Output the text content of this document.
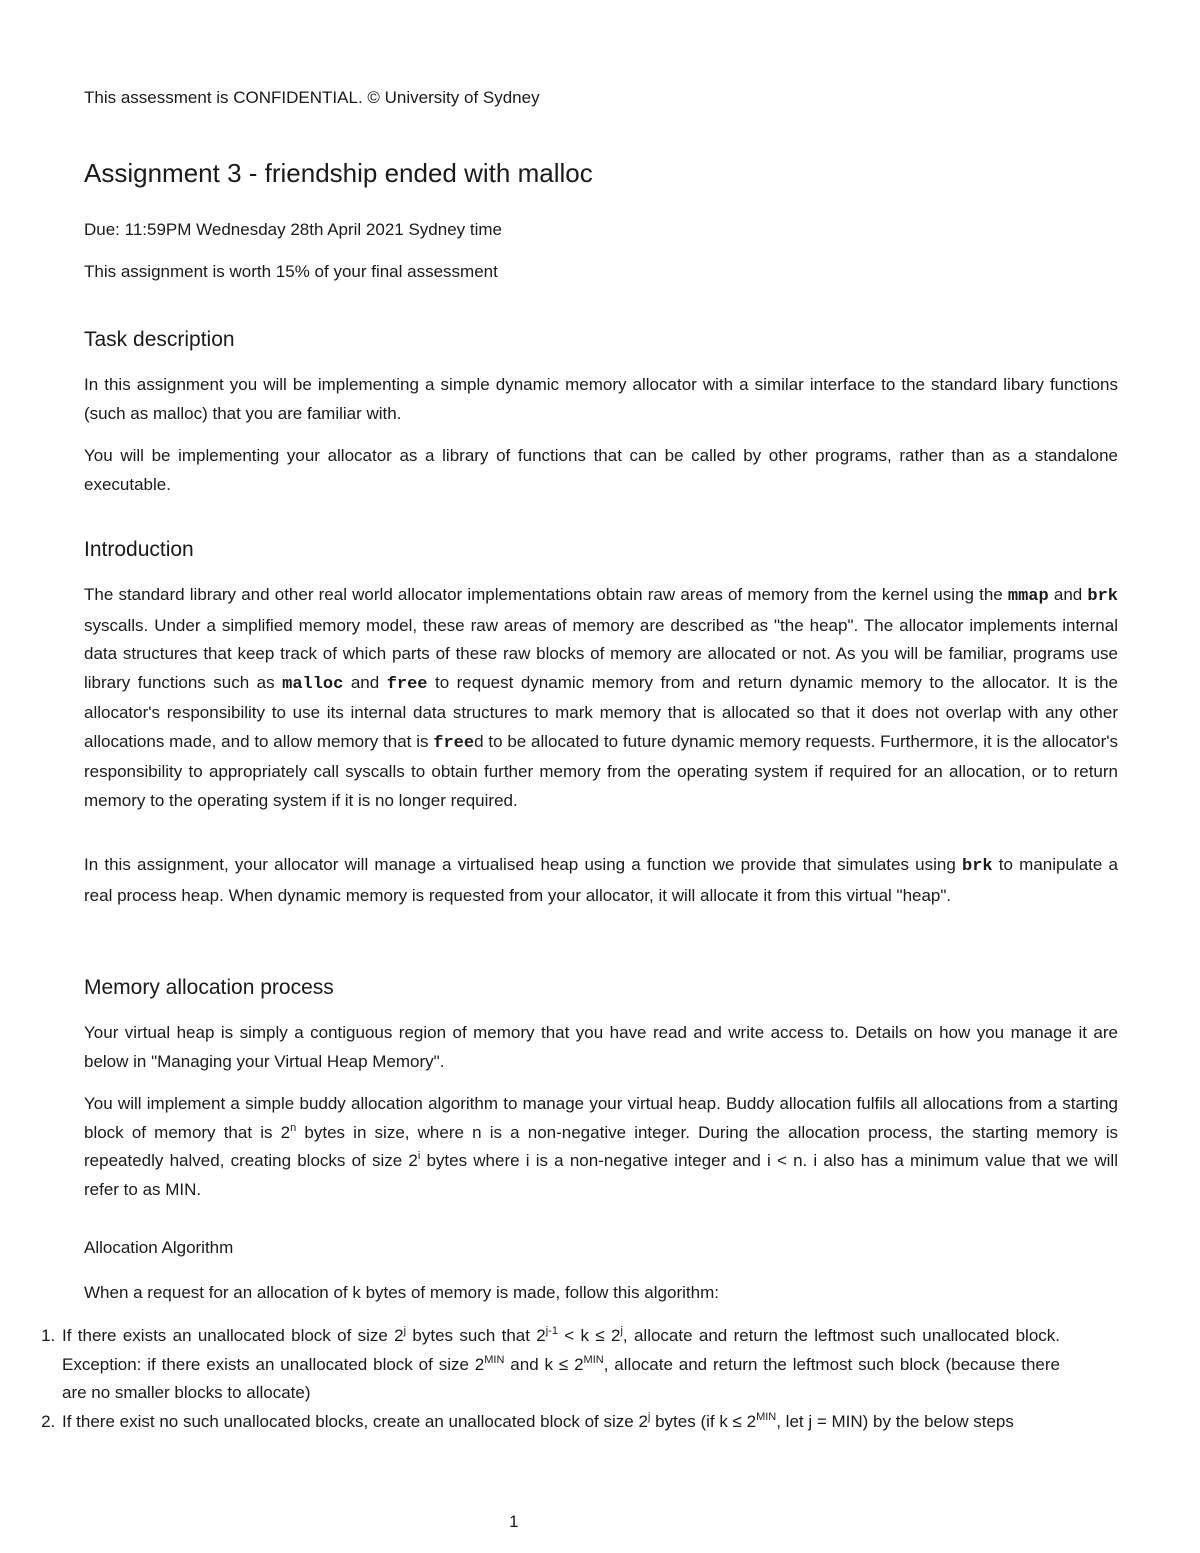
This assessment is CONFIDENTIAL. © University of Sydney
Assignment 3 - friendship ended with malloc
Due: 11:59PM Wednesday 28th April 2021 Sydney time
This assignment is worth 15% of your final assessment
Task description

In this assignment you will be implementing a simple dynamic memory allocator with a similar interface to the standard libary functions (such as malloc) that you are familiar with.

You will be implementing your allocator as a library of functions that can be called by other programs, rather than as a standalone executable.

Introduction

The standard library and other real world allocator implementations obtain raw areas of memory from the kernel using the mmap and brk syscalls. Under a simplified memory model, these raw areas of memory are described as "the heap". The allocator implements internal data structures that keep track of which parts of these raw blocks of memory are allocated or not. As you will be familiar, programs use library functions such as malloc and free to request dynamic memory from and return dynamic memory to the allocator. It is the allocator's responsibility to use its internal data structures to mark memory that is allocated so that it does not overlap with any other allocations made, and to allow memory that is freed to be allocated to future dynamic memory requests. Furthermore, it is the allocator's responsibility to appropriately call syscalls to obtain further memory from the operating system if required for an allocation, or to return memory to the operating system if it is no longer required.

In this assignment, your allocator will manage a virtualised heap using a function we provide that simulates using brk to manipulate a real process heap. When dynamic memory is requested from your allocator, it will allocate it from this virtual "heap".

Memory allocation process

Your virtual heap is simply a contiguous region of memory that you have read and write access to. Details on how you manage it are below in "Managing your Virtual Heap Memory".

You will implement a simple buddy allocation algorithm to manage your virtual heap. Buddy allocation fulfils all allocations from a starting block of memory that is 2$^n$ bytes in size, where n is a non-negative integer. During the allocation process, the starting memory is repeatedly halved, creating blocks of size 2$^i$ bytes where i is a non-negative integer and i < n. i also has a minimum value that we will refer to as MIN.

Allocation Algorithm

When a request for an allocation of k bytes of memory is made, follow this algorithm:

1. If there exists an unallocated block of size 2$^j$ bytes such that $2^{j-1} < k \le 2^j$, allocate and return the leftmost such unallocated block. Exception: if there exists an unallocated block of size $2^{MIN}$ and $k \le 2^{MIN}$, allocate and return the leftmost such block (because there are no smaller blocks to allocate)
2. If there exist no such unallocated blocks, create an unallocated block of size 2$^j$ bytes (if $k \le 2^{MIN}$, let j = MIN) by the below steps
1
